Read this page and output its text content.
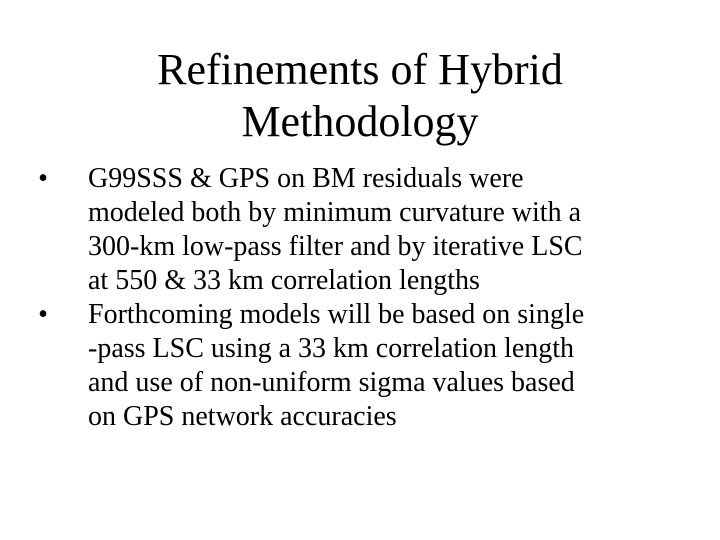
Refinements of Hybrid
Methodology
•	G99SSS & GPS on BM residuals were
modeled both by minimum curvature with a
300-km low-pass filter and by iterative LSC
at 550 & 33 km correlation lengths
•	Forthcoming models will be based on single
-pass LSC using a 33 km correlation length
and use of non-uniform sigma values based
on GPS network accuracies
